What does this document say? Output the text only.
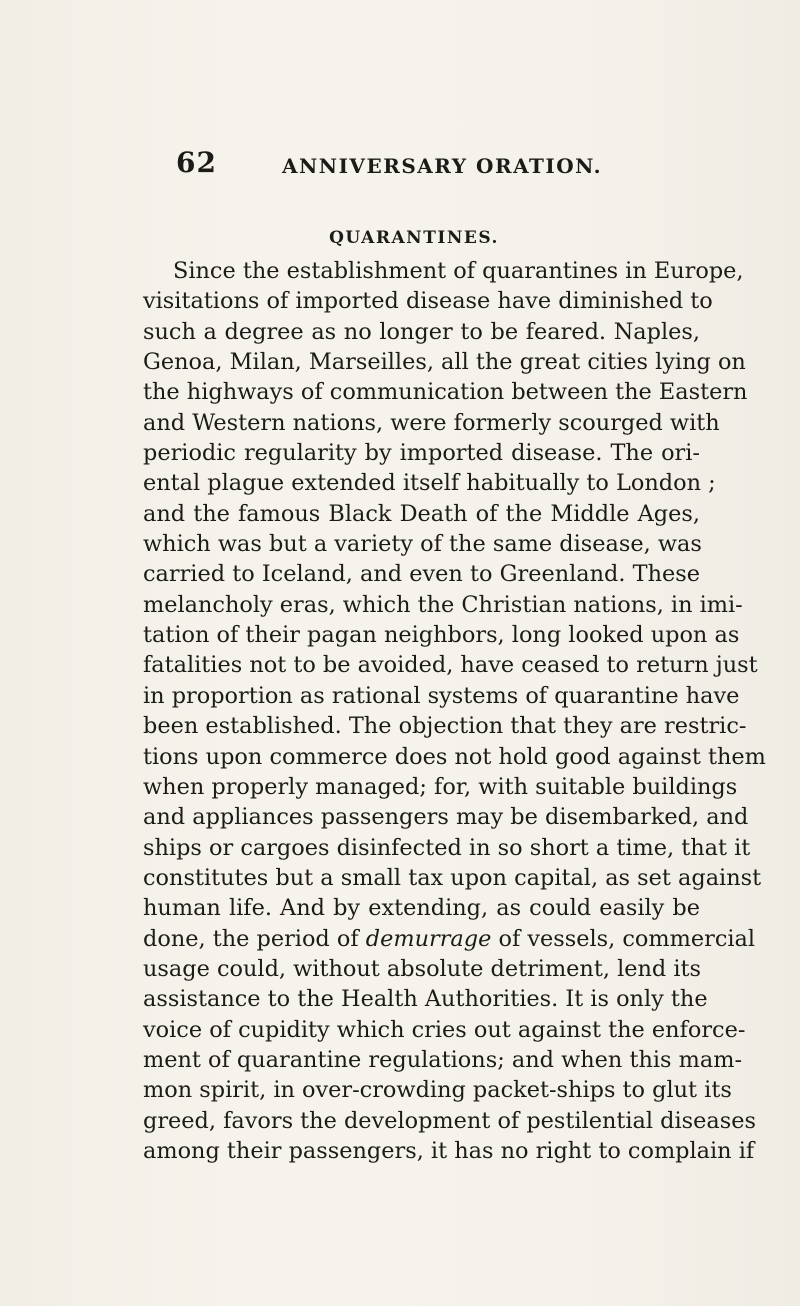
62	ANNIVERSARY ORATION.
QUARANTINES.
Since the establishment of quarantines in Europe,
visitations of imported disease have diminished to
such a degree as no longer to be feared. Naples,
Genoa, Milan, Marseilles, all the great cities lying on
the highways of communication between the Eastern
and Western nations, were formerly scourged with
periodic regularity by imported disease. The ori-
ental plague extended itself habitually to London ;
and the famous Black Death of the Middle Ages,
which was but a variety of the same disease, was
carried to Iceland, and even to Greenland. These
melancholy eras, which the Christian nations, in imi-
tation of their pagan neighbors, long looked upon as
fatalities not to be avoided, have ceased to return just
in proportion as rational systems of quarantine have
been established. The objection that they are restric-
tions upon commerce does not hold good against them
when properly managed; for, with suitable buildings
and appliances passengers may be disembarked, and
ships or cargoes disinfected in so short a time, that it
constitutes but a small tax upon capital, as set against
human life. And by extending, as could easily be
done, the period of demurrage of vessels, commercial
usage could, without absolute detriment, lend its
assistance to the Health Authorities. It is only the
voice of cupidity which cries out against the enforce-
ment of quarantine regulations; and when this mam-
mon spirit, in over-crowding packet-ships to glut its
greed, favors the development of pestilential diseases
among their passengers, it has no right to complain if
